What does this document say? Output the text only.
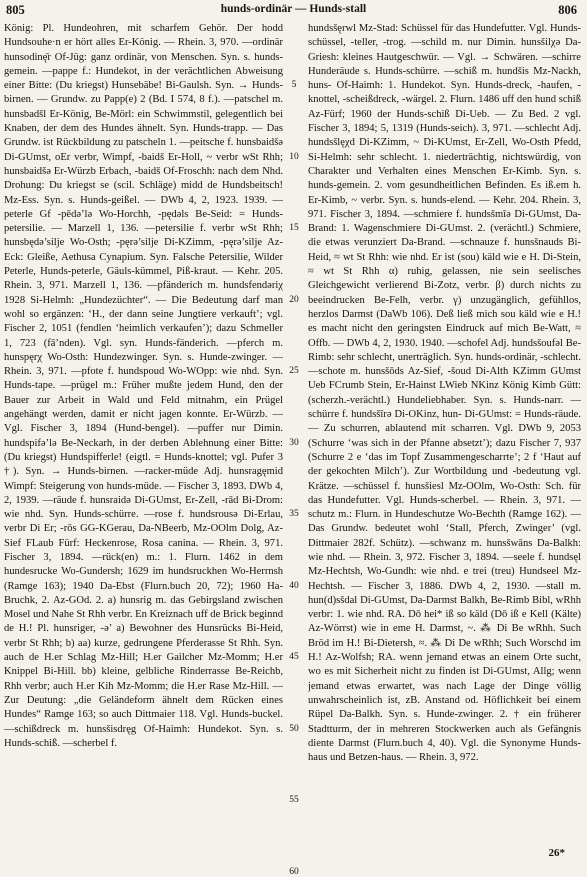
805	hunds-ordinär — Hunds-stall	806

König: Pl. Hundeohren, mit scharfem Gehör. Der hodd Hundsouhe·n er hört alles Er-König. — Rhein. 3, 970. —ordinär hunsodinę̄r Of-Jüg: ganz ordinär, von Menschen. Syn. s. hunds-gemein. —pappe f.: Hundekot, in der verächtlichen Abweisung einer Bitte: (Du kriegst) Hunsebäbe! Bi-Gaulsh. Syn. → Hunds-birnen. — Grundw. zu Papp(e) 2 (Bd. I 574, 8 f.). —patschel m. hunsbadšl Er-König, Be-Mörl: ein Schwimmstil, gelegentlich bei Knaben, der dem des Hundes ähnelt. Syn. Hunds-trapp. — Das Grundw. ist Rückbildung zu patscheln 1. —peitsche f. hunsbaidšə Di-GUmst, oEr verbr, Wimpf, -baidš Er-Holl, ~ verbr wSt Rhh; hunsbaidšə Er-Würzb Erbach, -baidš Of-Froschh: nach dem Nhd. Drohung: Du kriegst se (scil. Schläge) midd de Hundsbeitsch! Mz-Ess. Syn. s. Hunds-geißel. — DWb 4, 2, 1923. 1939. —peterle Gf -pēdə’lə Wo-Horchh, -pędəls Be-Seid: = Hunds-petersilie. — Marzell 1, 136. —petersilie f. verbr wSt Rhh; hunsbędə’silje Wo-Osth; -pęrə’silje Di-KZimm, -pęrə’silje Az-Eck: Gleiße, Aethusa Cynapium. Syn. Falsche Petersilie, Wilder Peterle, Hunds-peterle, Gäuls-kümmel, Piß-kraut. — Kehr. 205. Rhein. 3, 971. Marzell 1, 136. —pfänderich m. hundsfendəriχ 1928 Si-Helmh: „Hundezüchter“. — Die Bedeutung darf man wohl so ergänzen: ‘H., der dann seine Jungtiere verkauft’; vgl. Fischer 2, 1051 (fendlen ‘heimlich verkaufen’); dazu Schmeller 1, 723 (fā’nden). Vgl. syn. Hunds-fänderich. —pferch m. hunspęrχ Wo-Osth: Hundezwinger. Syn. s. Hunde-zwinger. — Rhein. 3, 971. —pfote f. hundspoud Wo-WOpp: wie nhd. Syn. Hunds-tape. —prügel m.: Früher mußte jedem Hund, den der Bauer zur Arbeit in Wald und Feld mitnahm, ein Prügel angehängt werden, damit er nicht jagen konnte. Er-Würzb. — Vgl. Fischer 3, 1894 (Hund-bengel). —puffer nur Dimin. hundspifə’lə Be-Neckarh, in der derben Ablehnung einer Bitte: (Du kriegst) Hundspifferle! (eigtl. = Hunds-knottel; vgl. Pufer 3 †). Syn. → Hunds-birnen. —racker-müde Adj. hunsragęmid Wimpf: Steigerung von hunds-müde. — Fischer 3, 1893. DWb 4, 2, 1939. —räude f. hunsraidə Di-GUmst, Er-Zell, -rād Bi-Drom: wie nhd. Syn. Hunds-schürre. —rose f. hundsrousə Di-Erlau, verbr Di Er; -rōs GG-KGerau, Da-NBeerb, Mz-OOlm Dolg, Az-Sief FLaub Fürf: Heckenrose, Rosa canina. — Rhein. 3, 971. Fischer 3, 1894. —rück(en) m.: 1. Flurn. 1462 in dem hundesrucke Wo-Gundersh; 1629 im hundsruckhen Wo-Herrnsh (Ramge 163); 1940 Da-Ebst (Flurn.buch 20, 72); 1960 Ha-Bruchk, 2. Az-GOd. 2. a) hunsrig m. das Gebirgsland zwischen Mosel und Nahe St Rhh verbr. En Kreiznach uff de Brick beginnd de H.! Pl. hunsriger, -ə’ a) Bewohner des Hunsrücks Bi-Heid, verbr St Rhh; b) aa) kurze, gedrungene Pferderasse St Rhh. Syn. auch de H.er Schlag Mz-Hill; H.er Gailcher Mz-Momm; H.er Knippel Bi-Hill. bb) kleine, gelbliche Rinderrasse Be-Reichb, Rhh verbr; auch H.er Kih Mz-Momm; die H.er Rase Mz-Hill. — Zur Deutung: „die Geländeform ähnelt dem Rücken eines Hundes“ Ramge 163; so auch Dittmaier 118. Vgl. Hunds-buckel. —schißdreck m. hunsšisdręg Of-Haimh: Hundekot. Syn. s. Hunds-schiß. —scherbel f.

5
10
15
20
25
30
35
40
45
50
55
60

hundsšęrwl Mz-Stad: Schüssel für das Hundefutter. Vgl. Hunds-schüssel, -teller, -trog. —schild m. nur Dimin. hunsšilχə Da-Griesh: kleines Hautgeschwür. — Vgl. → Schwären. —schirre Hunderäude s. Hunds-schürre. —schiß m. hundšis Mz-Nackh, huns- Of-Haimh: 1. Hundekot. Syn. Hunds-dreck, -haufen, -knottel, -scheißdreck, -wärgel. 2. Flurn. 1486 uff den hund schiß Az-Fürf; 1960 der Hunds-schiß Di-Ueb. — Zu Bed. 2 vgl. Fischer 3, 1894; 5, 1319 (Hunds-seich). 3, 971. —schlecht Adj. hundsšlęχd Di-KZimm, ~ Di-KUmst, Er-Zell, Wo-Osth Pfedd, Si-Helmh: sehr schlecht. 1. niederträchtig, nichtswürdig, von Charakter und Verhalten eines Menschen Er-Kimb. Syn. s. hunds-gemein. 2. vom gesundheitlichen Befinden. Es iß.em h. Er-Kimb, ~ verbr. Syn. s. hunds-elend. — Kehr. 204. Rhein. 3, 971. Fischer 3, 1894. —schmiere f. hundsšmīə Di-GUmst, Da-Brand: 1. Wagenschmiere Di-GUmst. 2. (verächtl.) Schmiere, die etwas verunziert Da-Brand. —schnauze f. hunsšnauds Bi-Heid, ≈ wt St Rhh: wie nhd. Er ist (sou) käld wie e H. Di-Stein, ≈ wt St Rhh α) ruhig, gelassen, nie sein seelisches Gleichgewicht verlierend Bi-Zotz, verbr. β) durch nichts zu beeindrucken Be-Felh, verbr. γ) unzugänglich, gefühllos, herzlos Darmst (DaWb 106). Deß ließ mich sou käld wie e H.! es macht nicht den geringsten Eindruck auf mich Be-Watt, ≈ Offb. — DWb 4, 2, 1930. 1940. —schofel Adj. hundsšoufəl Be-Rimb: sehr schlecht, unerträglich. Syn. hunds-ordinär, -schlecht. —schote m. hunsšōds Az-Sief, -šoud Di-Alth KZimm GUmst Ueb FCrumb Stein, Er-Hainst LWieb NKinz König Kimb Gütt: (scherzh.-verächtl.) Hundeliebhaber. Syn. s. Hunds-narr. —schürre f. hundsšīrə Di-OKinz, hun- Di-GUmst: = Hunds-räude. — Zu schurren, ablautend mit scharren. Vgl. DWb 9, 2053 (Schurre ‘was sich in der Pfanne absetzt’); dazu Fischer 7, 937 (Schurre 2 e ‘das im Topf Zusammengescharrte’; 2 f ‘Haut auf der gekochten Milch’). Zur Wortbildung und -bedeutung vgl. Krätze. —schüssel f. hunsšiesl Mz-OOlm, Wo-Osth: Sch. für das Hundefutter. Vgl. Hunds-scherbel. — Rhein. 3, 971. —schutz m.: Flurn. in Hundeschutze Wo-Bechth (Ramge 162). — Das Grundw. bedeutet wohl ‘Stall, Pferch, Zwinger’ (vgl. Dittmaier 282f. Schütz). —schwanz m. hunsšwāns Da-Balkh: wie nhd. — Rhein. 3, 972. Fischer 3, 1894. —seele f. hundsęl Mz-Hechtsh, Wo-Gundh: wie nhd. e trei (treu) Hundseel Mz-Hechtsh. — Fischer 3, 1886. DWb 4, 2, 1930. —stall m. hun(d)sšdal Di-GUmst, Da-Darmst Balkh, Be-Rimb Bibl, wRhh verbr: 1. wie nhd. RA. Dō hei* iß so käld (Dō iß e Kell (Kälte) Az-Wörrst) wie in eme H. Darmst, ~. ⁂ Di Be wRhh. Such Bröd im H.! Bi-Dietersh, ≈. ⁂ Di De wRhh; Such Worschd im H.! Az-Wolfsh; RA. wenn jemand etwas an einem Orte sucht, wo es mit Sicherheit nicht zu finden ist Di-GUmst, Allg; wenn jemand etwas erwartet, was nach Lage der Dinge völlig unwahrscheinlich ist, zB. Anstand od. Höflichkeit bei einem Rüpel Da-Balkh. Syn. s. Hunde-zwinger. 2. † ein früherer Stadtturm, der in mehreren Stockwerken auch als Gefängnis diente Darmst (Flurn.buch 4, 40). Vgl. die Synonyme Hunds-haus und Betzen-haus. — Rhein. 3, 972.

26*
